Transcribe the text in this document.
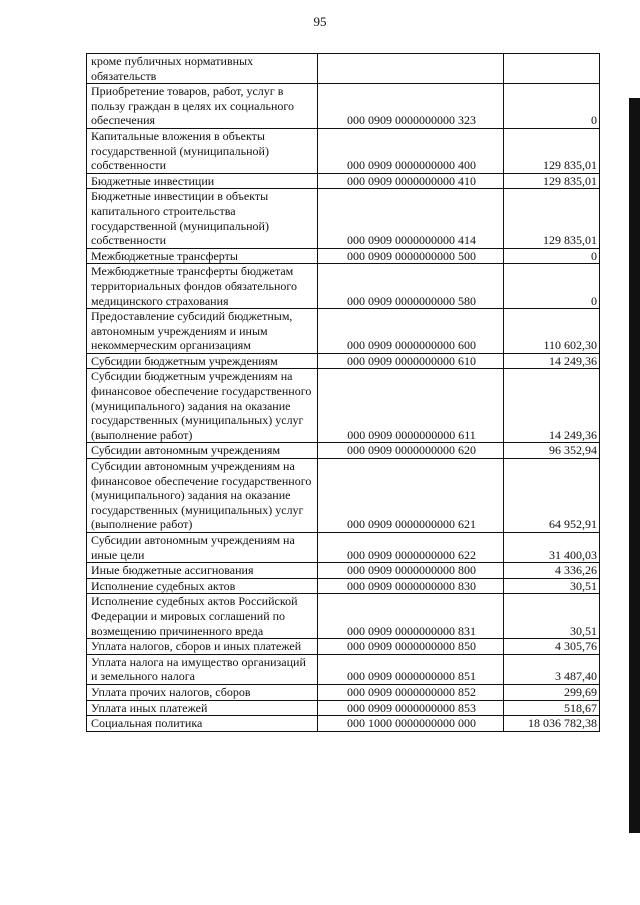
95
кроме публичных нормативных обязательств		
Приобретение товаров, работ, услуг в пользу граждан в целях их социального обеспечения	000 0909 0000000000 323	0
Капитальные вложения в объекты государственной (муниципальной) собственности	000 0909 0000000000 400	129 835,01
Бюджетные инвестиции	000 0909 0000000000 410	129 835,01
Бюджетные инвестиции в объекты капитального строительства государственной (муниципальной) собственности	000 0909 0000000000 414	129 835,01
Межбюджетные трансферты	000 0909 0000000000 500	0
Межбюджетные трансферты бюджетам территориальных фондов обязательного медицинского страхования	000 0909 0000000000 580	0
Предоставление субсидий бюджетным, автономным учреждениям и иным некоммерческим организациям	000 0909 0000000000 600	110 602,30
Субсидии бюджетным учреждениям	000 0909 0000000000 610	14 249,36
Субсидии бюджетным учреждениям на финансовое обеспечение государственного (муниципального) задания на оказание государственных (муниципальных) услуг (выполнение работ)	000 0909 0000000000 611	14 249,36
Субсидии автономным учреждениям	000 0909 0000000000 620	96 352,94
Субсидии автономным учреждениям на финансовое обеспечение государственного (муниципального) задания на оказание государственных (муниципальных) услуг (выполнение работ)	000 0909 0000000000 621	64 952,91
Субсидии автономным учреждениям на иные цели	000 0909 0000000000 622	31 400,03
Иные бюджетные ассигнования	000 0909 0000000000 800	4 336,26
Исполнение судебных актов	000 0909 0000000000 830	30,51
Исполнение судебных актов Российской Федерации и мировых соглашений по возмещению причиненного вреда	000 0909 0000000000 831	30,51
Уплата налогов, сборов и иных платежей	000 0909 0000000000 850	4 305,76
Уплата налога на имущество организаций и земельного налога	000 0909 0000000000 851	3 487,40
Уплата прочих налогов, сборов	000 0909 0000000000 852	299,69
Уплата иных платежей	000 0909 0000000000 853	518,67
Социальная политика	000 1000 0000000000 000	18 036 782,38
